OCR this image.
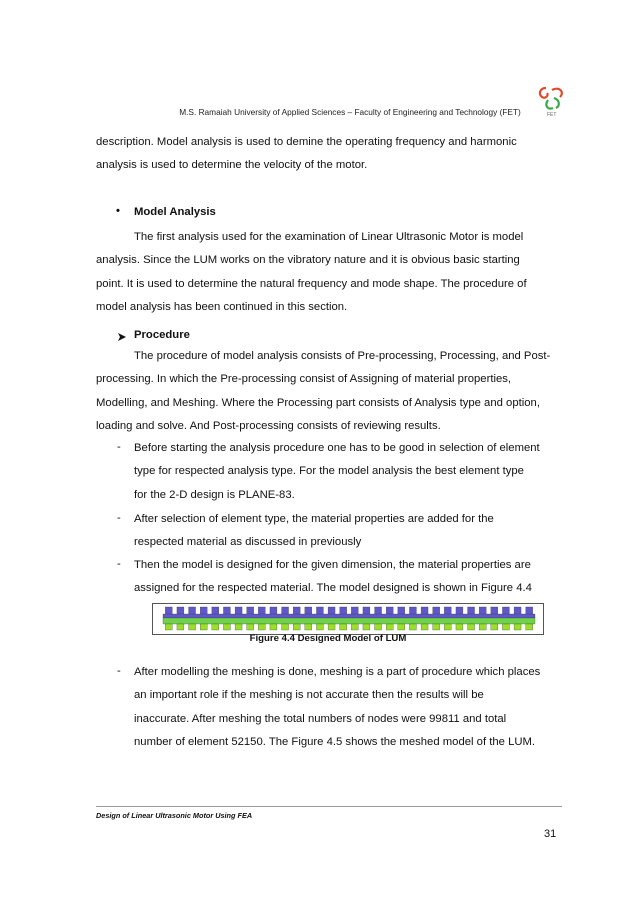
M.S. Ramaiah University of Applied Sciences – Faculty of Engineering and Technology (FET)	FET
description. Model analysis is used to demine the operating frequency and harmonic
analysis is used to determine the velocity of the motor.
• Model Analysis
The first analysis used for the examination of Linear Ultrasonic Motor is model
analysis. Since the LUM works on the vibratory nature and it is obvious basic starting
point. It is used to determine the natural frequency and mode shape. The procedure of
model analysis has been continued in this section.
Procedure
The procedure of model analysis consists of Pre-processing, Processing, and Post-
processing. In which the Pre-processing consist of Assigning of material properties,
Modelling, and Meshing. Where the Processing part consists of Analysis type and option,
loading and solve. And Post-processing consists of reviewing results.
- Before starting the analysis procedure one has to be good in selection of element
type for respected analysis type. For the model analysis the best element type
for the 2-D design is PLANE-83.
- After selection of element type, the material properties are added for the
respected material as discussed in previously
- Then the model is designed for the given dimension, the material properties are
assigned for the respected material. The model designed is shown in Figure 4.4
Figure 4.4 Designed Model of LUM
- After modelling the meshing is done, meshing is a part of procedure which places
an important role if the meshing is not accurate then the results will be
inaccurate. After meshing the total numbers of nodes were 99811 and total
number of element 52150. The Figure 4.5 shows the meshed model of the LUM.
Design of Linear Ultrasonic Motor Using FEA
31
